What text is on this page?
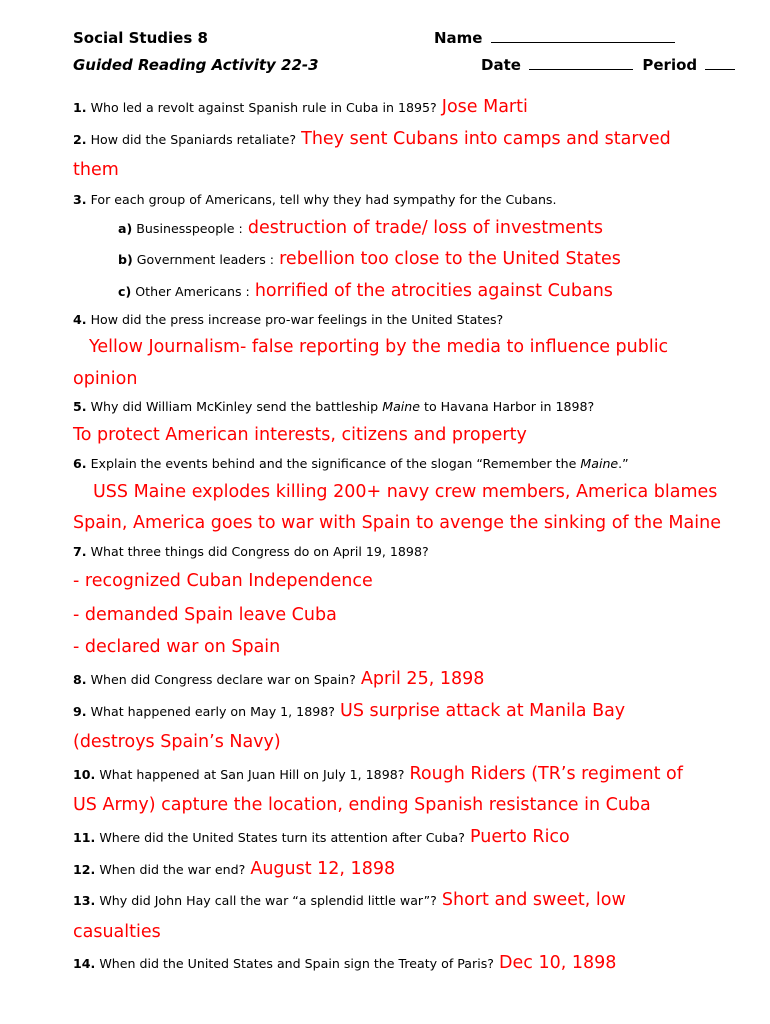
Social Studies 8
Guided Reading Activity 22-3
Name
Date	Period
1. Who led a revolt against Spanish rule in Cuba in 1895? Jose Marti
2. How did the Spaniards retaliate? They sent Cubans into camps and starved
them
3. For each group of Americans, tell why they had sympathy for the Cubans.
a) Businesspeople : destruction of trade/ loss of investments
b) Government leaders : rebellion too close to the United States
c) Other Americans : horrified of the atrocities against Cubans
4. How did the press increase pro-war feelings in the United States?
Yellow Journalism- false reporting by the media to influence public
opinion
5. Why did William McKinley send the battleship Maine to Havana Harbor in 1898?
To protect American interests, citizens and property
6. Explain the events behind and the significance of the slogan “Remember the Maine.”
USS Maine explodes killing 200+ navy crew members, America blames
Spain, America goes to war with Spain to avenge the sinking of the Maine
7. What three things did Congress do on April 19, 1898?
- recognized Cuban Independence
- demanded Spain leave Cuba
- declared war on Spain
8. When did Congress declare war on Spain? April 25, 1898
9. What happened early on May 1, 1898? US surprise attack at Manila Bay
(destroys Spain’s Navy)
10. What happened at San Juan Hill on July 1, 1898? Rough Riders (TR’s regiment of
US Army) capture the location, ending Spanish resistance in Cuba
11. Where did the United States turn its attention after Cuba? Puerto Rico
12. When did the war end? August 12, 1898
13. Why did John Hay call the war “a splendid little war”? Short and sweet, low
casualties
14. When did the United States and Spain sign the Treaty of Paris? Dec 10, 1898
